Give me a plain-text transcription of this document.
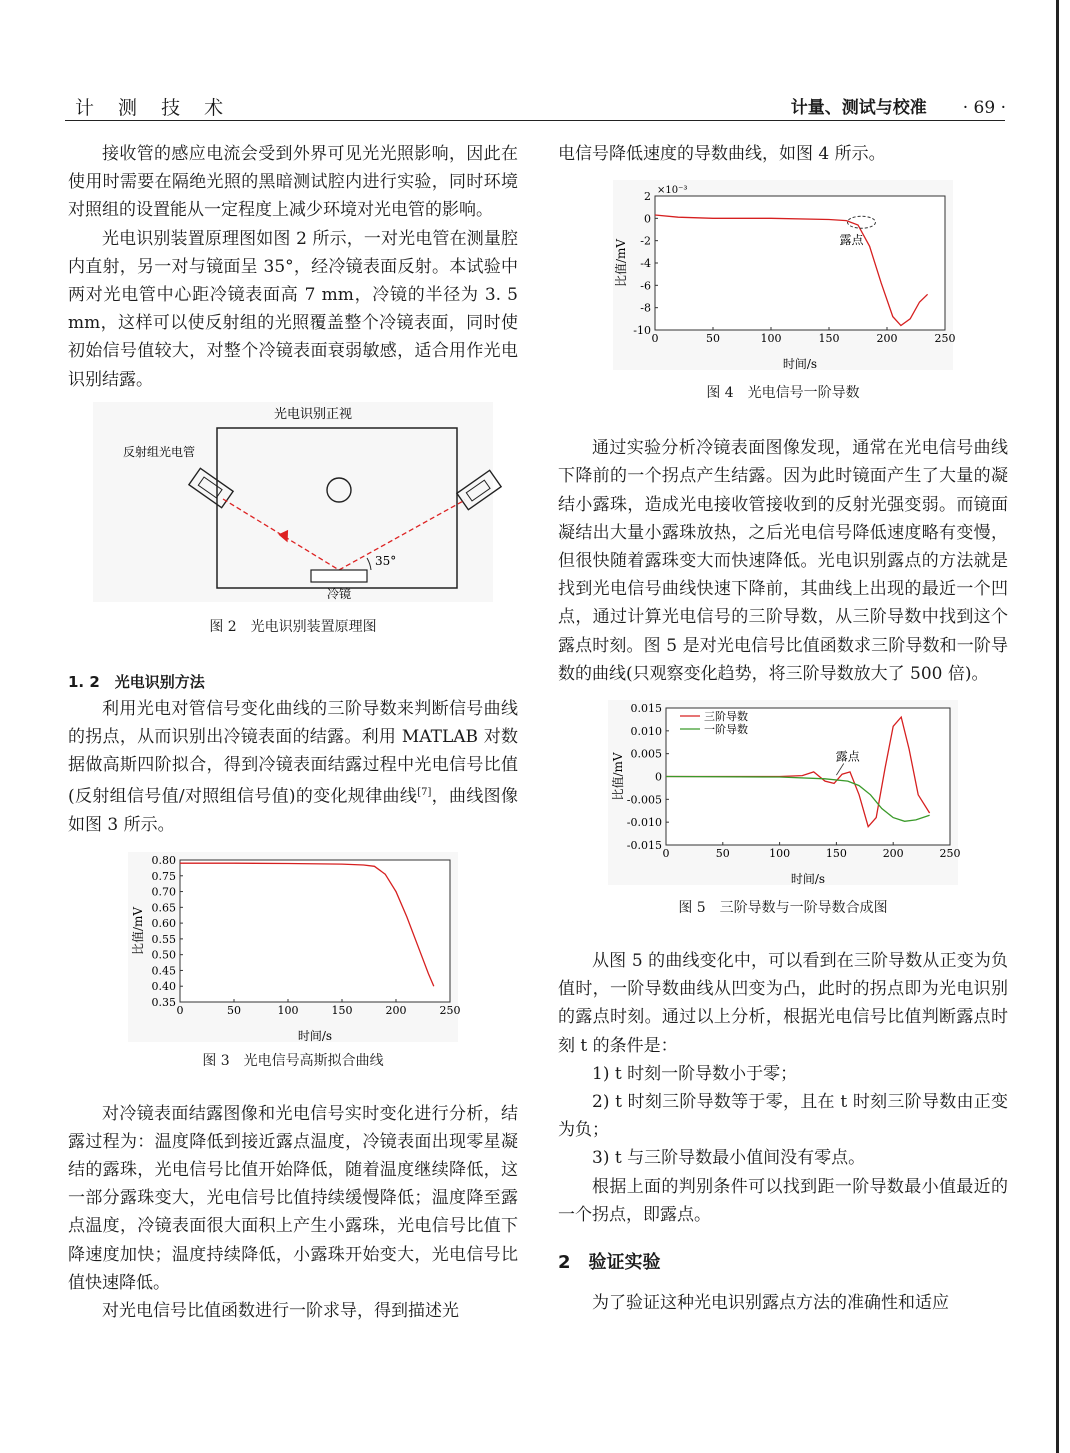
计 测 技 术	计量、测试与校准 · 69 ·

接收管的感应电流会受到外界可见光光照影响，因此在使用时需要在隔绝光照的黑暗测试腔内进行实验，同时环境对照组的设置能从一定程度上减少环境对光电管的影响。

光电识别装置原理图如图 2 所示，一对光电管在测量腔内直射，另一对与镜面呈 35°，经冷镜表面反射。本试验中两对光电管中心距冷镜表面高 7 mm，冷镜的半径为 3. 5 mm，这样可以使反射组的光照覆盖整个冷镜表面，同时使初始信号值较大，对整个冷镜表面衰弱敏感，适合用作光电识别结露。

光电识别正视
35°
冷镜
反射组光电管

图 2　光电识别装置原理图

1. 2　光电识别方法

利用光电对管信号变化曲线的三阶导数来判断信号曲线的拐点，从而识别出冷镜表面的结露。利用 MATLAB 对数据做高斯四阶拟合，得到冷镜表面结露过程中光电信号比值(反射组信号值/对照组信号值)的变化规律曲线[7]，曲线图像如图 3 所示。

0	50	100	150	200	250
0.35
0.40
0.45
0.50
0.55
0.60
0.65
0.70
0.75
0.80
时间/s
比值/mV

图 3　光电信号高斯拟合曲线

对冷镜表面结露图像和光电信号实时变化进行分析，结露过程为：温度降低到接近露点温度，冷镜表面出现零星凝结的露珠，光电信号比值开始降低，随着温度继续降低，这一部分露珠变大，光电信号比值持续缓慢降低；温度降至露点温度，冷镜表面很大面积上产生小露珠，光电信号比值下降速度加快；温度持续降低，小露珠开始变大，光电信号比值快速降低。

对光电信号比值函数进行一阶求导，得到描述光

电信号降低速度的导数曲线，如图 4 所示。

0	50	100	150	200	250
2
0
-2
-4
-6
-8
-10
时间/s
比值/mV
×10⁻³
露点

图 4　光电信号一阶导数

通过实验分析冷镜表面图像发现，通常在光电信号曲线下降前的一个拐点产生结露。因为此时镜面产生了大量的凝结小露珠，造成光电接收管接收到的反射光强变弱。而镜面凝结出大量小露珠放热，之后光电信号降低速度略有变慢，但很快随着露珠变大而快速降低。光电识别露点的方法就是找到光电信号曲线快速下降前，其曲线上出现的最近一个凹点，通过计算光电信号的三阶导数，从三阶导数中找到这个露点时刻。图 5 是对光电信号比值函数求三阶导数和一阶导数的曲线(只观察变化趋势，将三阶导数放大了 500 倍)。

0	50	100	150	200	250
0.015
0.010
0.005
0
-0.005
-0.010
-0.015
时间/s
比值/mV
三阶导数
一阶导数
露点

图 5　三阶导数与一阶导数合成图

从图 5 的曲线变化中，可以看到在三阶导数从正变为负值时，一阶导数曲线从凹变为凸，此时的拐点即为光电识别的露点时刻。通过以上分析，根据光电信号比值判断露点时刻 t 的条件是：

1) t 时刻一阶导数小于零；

2) t 时刻三阶导数等于零，且在 t 时刻三阶导数由正变为负；

3) t 与三阶导数最小值间没有零点。

根据上面的判别条件可以找到距一阶导数最小值最近的一个拐点，即露点。

2　验证实验

为了验证这种光电识别露点方法的准确性和适应
